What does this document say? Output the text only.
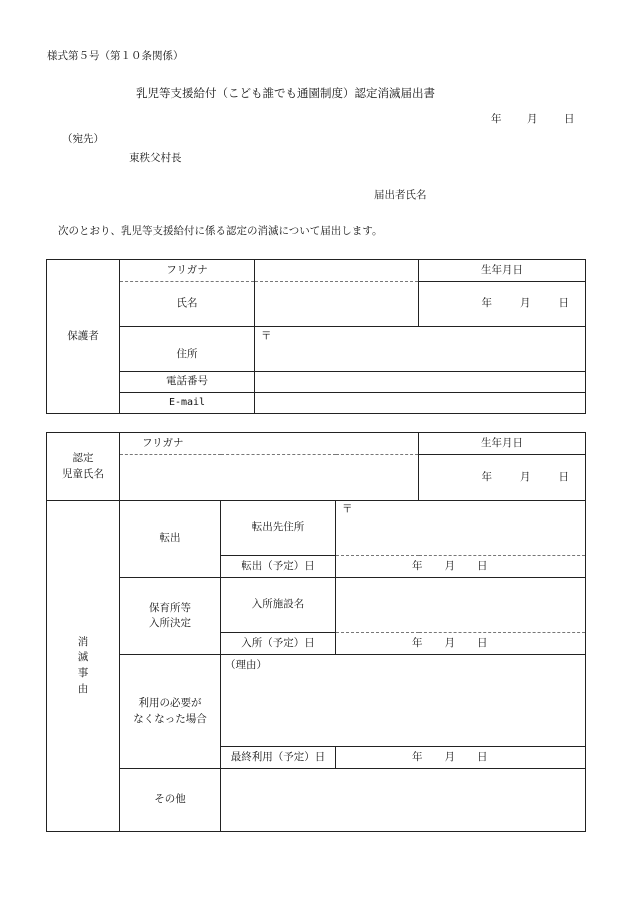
様式第５号（第１０条関係）
乳児等支援給付（こども誰でも通園制度）認定消滅届出書
年 月	日
（宛先）
東秩父村長
届出者氏名
次のとおり、乳児等支援給付に係る認定の消滅について届出します。
保護者	フリガナ		生年月日
	氏名		年 月 日
	住所	〒	
	電話番号		
	E-mail		
認定
児童氏名	フリガナ			生年月日
				年 月 日
消
滅
事
由	転出	転出先住所	〒	
		転出（予定）日	年 月 日	
	保育所等
入所決定	入所施設名		
		入所（予定）日	年 月 日	
	利用の必要が
なくなった場合	（理由）		
		最終利用（予定）日	年 月 日	
	その他			
